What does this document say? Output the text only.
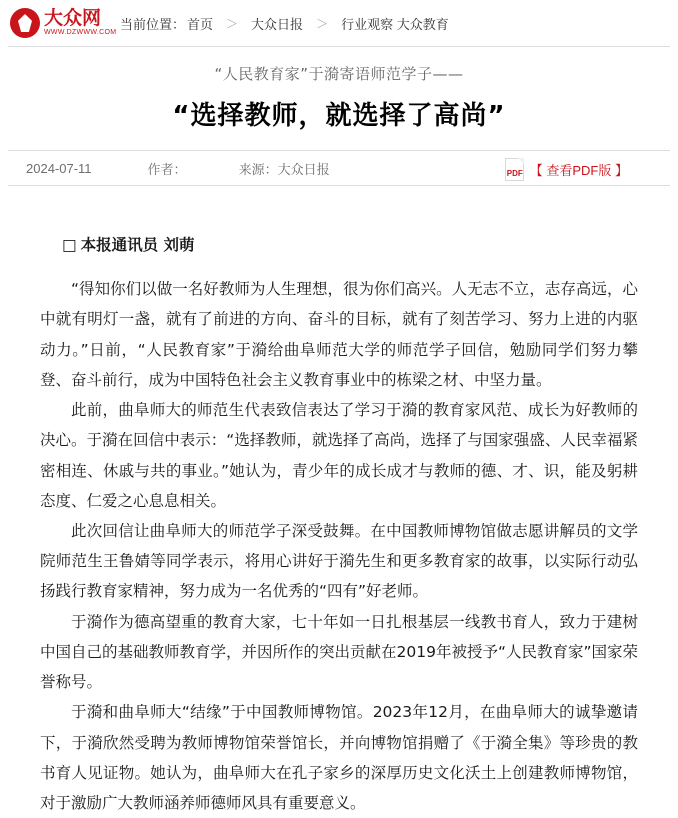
大众网
WWW.DZWWW.COM
当前位置： 首页 ＞ 大众日报 ＞ 行业观察 大众教育
“人民教育家”于漪寄语师范学子——
“选择教师，就选择了高尚”
2024-07-11	作者：	来源：大众日报	PDF 【 查看PDF版 】
□ 本报通讯员 刘萌

“得知你们以做一名好教师为人生理想，很为你们高兴。人无志不立，志存高远，心中就有明灯一盏，就有了前进的方向、奋斗的目标，就有了刻苦学习、努力上进的内驱动力。”日前，“人民教育家”于漪给曲阜师范大学的师范学子回信，勉励同学们努力攀登、奋斗前行，成为中国特色社会主义教育事业中的栋梁之材、中坚力量。

此前，曲阜师大的师范生代表致信表达了学习于漪的教育家风范、成长为好教师的决心。于漪在回信中表示：“选择教师，就选择了高尚，选择了与国家强盛、人民幸福紧密相连、休戚与共的事业。”她认为，青少年的成长成才与教师的德、才、识，能及躬耕态度、仁爱之心息息相关。

此次回信让曲阜师大的师范学子深受鼓舞。在中国教师博物馆做志愿讲解员的文学院师范生王鲁婧等同学表示，将用心讲好于漪先生和更多教育家的故事，以实际行动弘扬践行教育家精神，努力成为一名优秀的“四有”好老师。

于漪作为德高望重的教育大家，七十年如一日扎根基层一线教书育人，致力于建树中国自己的基础教师教育学，并因所作的突出贡献在2019年被授予“人民教育家”国家荣誉称号。

于漪和曲阜师大“结缘”于中国教师博物馆。2023年12月，在曲阜师大的诚挚邀请下，于漪欣然受聘为教师博物馆荣誉馆长，并向博物馆捐赠了《于漪全集》等珍贵的教书育人见证物。她认为，曲阜师大在孔子家乡的深厚历史文化沃土上创建教师博物馆，对于激励广大教师涵养师德师风具有重要意义。
